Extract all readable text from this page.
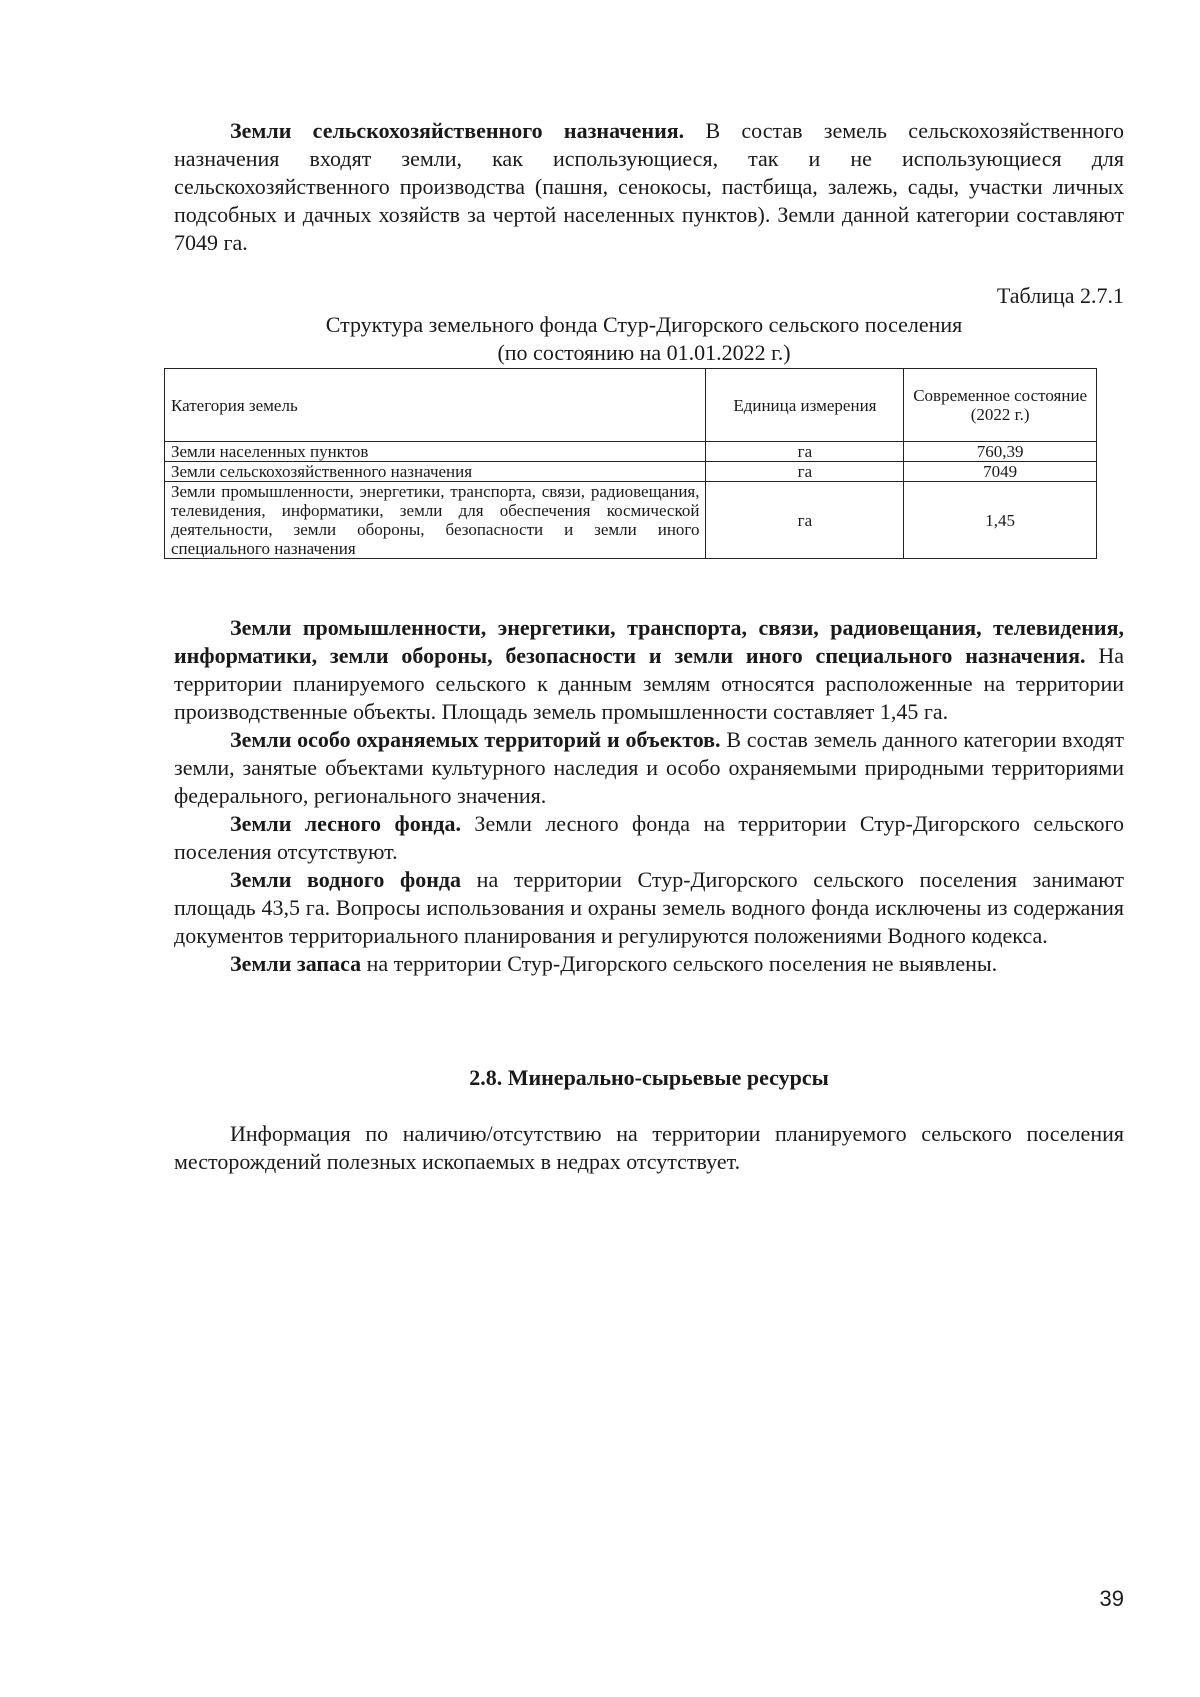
Земли сельскохозяйственного назначения. В состав земель сельскохозяйственного назначения входят земли, как использующиеся, так и не использующиеся для сельскохозяйственного производства (пашня, сенокосы, пастбища, залежь, сады, участки личных подсобных и дачных хозяйств за чертой населенных пунктов). Земли данной категории составляют 7049 га.

Таблица 2.7.1
Структура земельного фонда Стур-Дигорского сельского поселения
(по состоянию на 01.01.2022 г.)
Категория земель	Единица измерения	Современное состояние (2022 г.)
Земли населенных пунктов	га	760,39
Земли сельскохозяйственного назначения	га	7049
Земли промышленности, энергетики, транспорта, связи, радиовещания, телевидения, информатики, земли для обеспечения космической деятельности, земли обороны, безопасности и земли иного специального назначения	га	1,45

Земли промышленности, энергетики, транспорта, связи, радиовещания, телевидения, информатики, земли обороны, безопасности и земли иного специального назначения. На территории планируемого сельского к данным землям относятся расположенные на территории производственные объекты. Площадь земель промышленности составляет 1,45 га.

Земли особо охраняемых территорий и объектов. В состав земель данного категории входят земли, занятые объектами культурного наследия и особо охраняемыми природными территориями федерального, регионального значения.

Земли лесного фонда. Земли лесного фонда на территории Стур-Дигорского сельского поселения отсутствуют.

Земли водного фонда на территории Стур-Дигорского сельского поселения занимают площадь 43,5 га. Вопросы использования и охраны земель водного фонда исключены из содержания документов территориального планирования и регулируются положениями Водного кодекса.

Земли запаса на территории Стур-Дигорского сельского поселения не выявлены.

2.8. Минерально-сырьевые ресурсы

Информация по наличию/отсутствию на территории планируемого сельского поселения месторождений полезных ископаемых в недрах отсутствует.

39
